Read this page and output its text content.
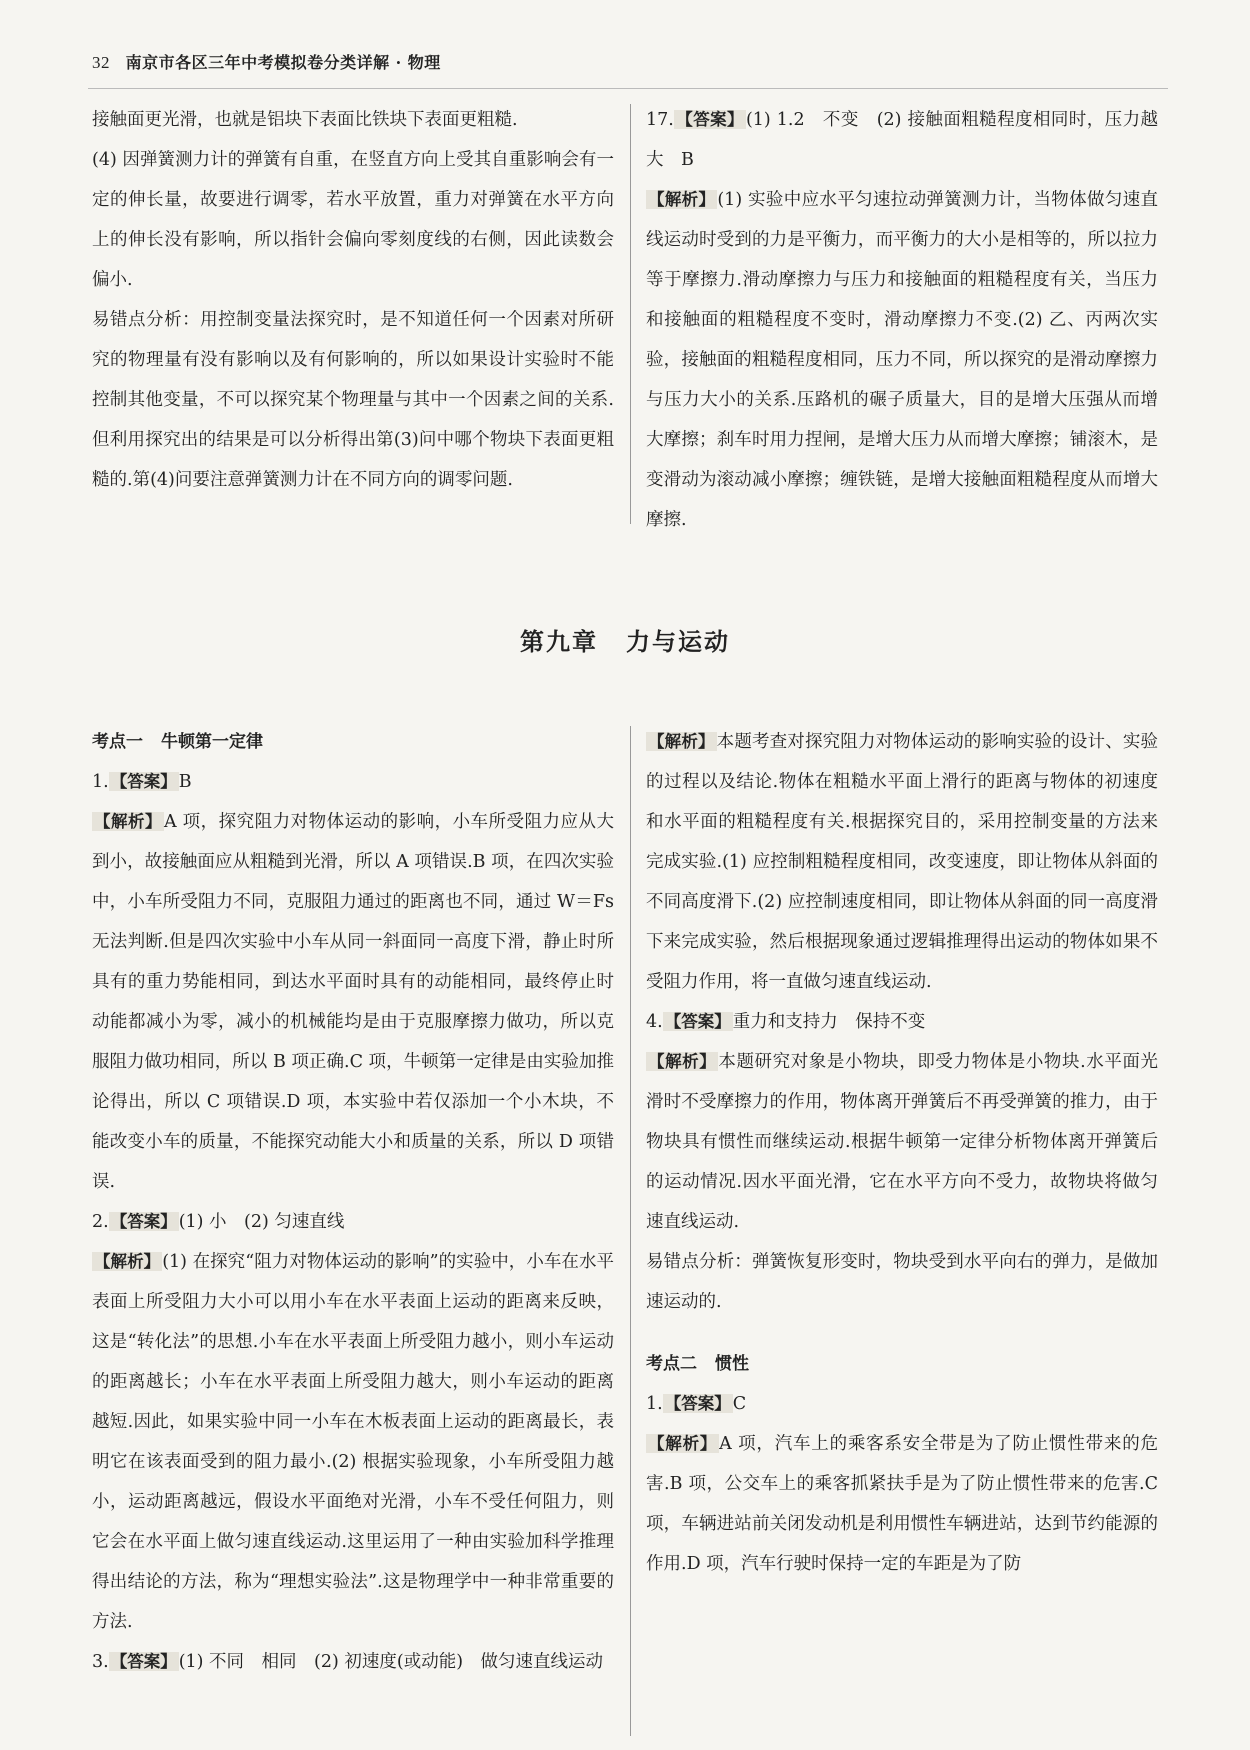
32 南京市各区三年中考模拟卷分类详解 · 物理

接触面更光滑，也就是铝块下表面比铁块下表面更粗糙.

(4) 因弹簧测力计的弹簧有自重，在竖直方向上受其自重影响会有一定的伸长量，故要进行调零，若水平放置，重力对弹簧在水平方向上的伸长没有影响，所以指针会偏向零刻度线的右侧，因此读数会偏小.

易错点分析：用控制变量法探究时，是不知道任何一个因素对所研究的物理量有没有影响以及有何影响的，所以如果设计实验时不能控制其他变量，不可以探究某个物理量与其中一个因素之间的关系.但利用探究出的结果是可以分析得出第(3)问中哪个物块下表面更粗糙的.第(4)问要注意弹簧测力计在不同方向的调零问题.

17. 【答案】 (1) 1.2　不变　(2) 接触面粗糙程度相同时，压力越大　B

【解析】 (1) 实验中应水平匀速拉动弹簧测力计，当物体做匀速直线运动时受到的力是平衡力，而平衡力的大小是相等的，所以拉力等于摩擦力.滑动摩擦力与压力和接触面的粗糙程度有关，当压力和接触面的粗糙程度不变时，滑动摩擦力不变.(2) 乙、丙两次实验，接触面的粗糙程度相同，压力不同，所以探究的是滑动摩擦力与压力大小的关系.压路机的碾子质量大，目的是增大压强从而增大摩擦；刹车时用力捏闸，是增大压力从而增大摩擦；铺滚木，是变滑动为滚动减小摩擦；缠铁链，是增大接触面粗糙程度从而增大摩擦.

第九章 力与运动
考点一 牛顿第一定律

1. 【答案】 B

【解析】 A 项，探究阻力对物体运动的影响，小车所受阻力应从大到小，故接触面应从粗糙到光滑，所以 A 项错误.B 项，在四次实验中，小车所受阻力不同，克服阻力通过的距离也不同，通过 W＝Fs 无法判断.但是四次实验中小车从同一斜面同一高度下滑，静止时所具有的重力势能相同，到达水平面时具有的动能相同，最终停止时动能都减小为零，减小的机械能均是由于克服摩擦力做功，所以克服阻力做功相同，所以 B 项正确.C 项，牛顿第一定律是由实验加推论得出，所以 C 项错误.D 项，本实验中若仅添加一个小木块，不能改变小车的质量，不能探究动能大小和质量的关系，所以 D 项错误.

2. 【答案】 (1) 小　(2) 匀速直线

【解析】 (1) 在探究“阻力对物体运动的影响”的实验中，小车在水平表面上所受阻力大小可以用小车在水平表面上运动的距离来反映，这是“转化法”的思想.小车在水平表面上所受阻力越小，则小车运动的距离越长；小车在水平表面上所受阻力越大，则小车运动的距离越短.因此，如果实验中同一小车在木板表面上运动的距离最长，表明它在该表面受到的阻力最小.(2) 根据实验现象，小车所受阻力越小，运动距离越远，假设水平面绝对光滑，小车不受任何阻力，则它会在水平面上做匀速直线运动.这里运用了一种由实验加科学推理得出结论的方法，称为“理想实验法”.这是物理学中一种非常重要的方法.

3. 【答案】 (1) 不同　相同　(2) 初速度(或动能)　做匀速直线运动

【解析】 本题考查对探究阻力对物体运动的影响实验的设计、实验的过程以及结论.物体在粗糙水平面上滑行的距离与物体的初速度和水平面的粗糙程度有关.根据探究目的，采用控制变量的方法来完成实验.(1) 应控制粗糙程度相同，改变速度，即让物体从斜面的不同高度滑下.(2) 应控制速度相同，即让物体从斜面的同一高度滑下来完成实验，然后根据现象通过逻辑推理得出运动的物体如果不受阻力作用，将一直做匀速直线运动.

4. 【答案】 重力和支持力　保持不变

【解析】 本题研究对象是小物块，即受力物体是小物块.水平面光滑时不受摩擦力的作用，物体离开弹簧后不再受弹簧的推力，由于物块具有惯性而继续运动.根据牛顿第一定律分析物体离开弹簧后的运动情况.因水平面光滑，它在水平方向不受力，故物块将做匀速直线运动.

易错点分析：弹簧恢复形变时，物块受到水平向右的弹力，是做加速运动的.

考点二 惯性

1. 【答案】 C

【解析】 A 项，汽车上的乘客系安全带是为了防止惯性带来的危害.B 项，公交车上的乘客抓紧扶手是为了防止惯性带来的危害.C 项，车辆进站前关闭发动机是利用惯性车辆进站，达到节约能源的作用.D 项，汽车行驶时保持一定的车距是为了防
